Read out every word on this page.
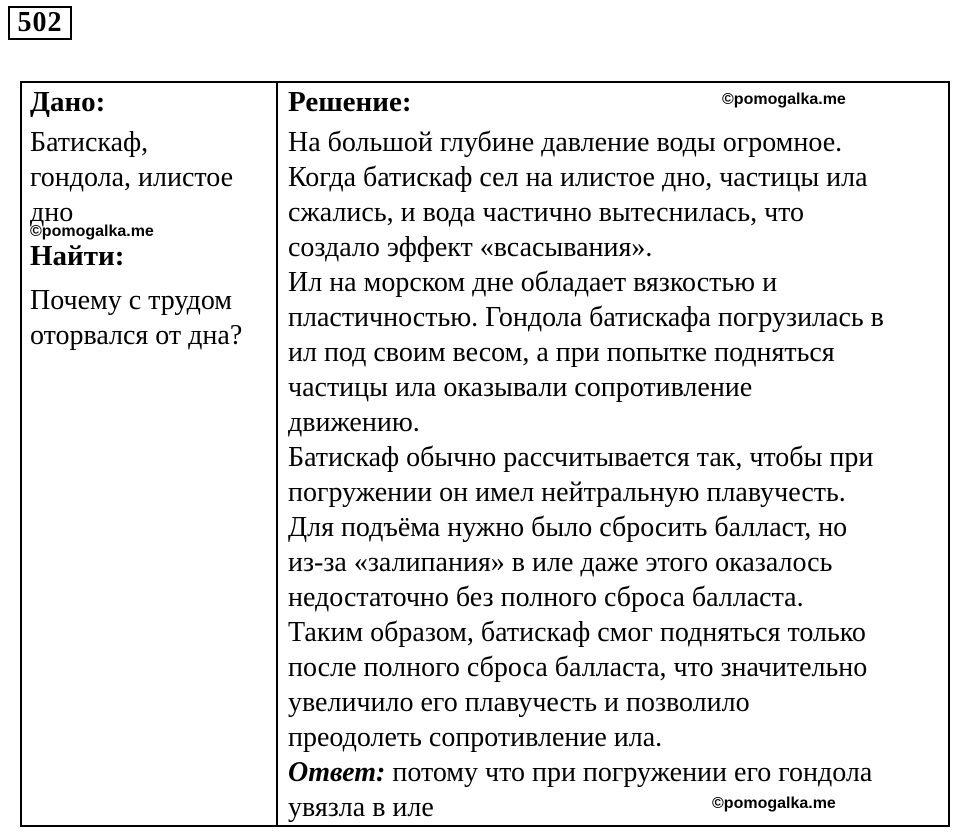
502

Дано:

Батискаф,

гондола, илистое

дно

Найти:

Почему с трудом

оторвался от дна?

Решение:

На большой глубине давление воды огромное.

Когда батискаф сел на илистое дно, частицы ила

сжались, и вода частично вытеснилась, что

создало эффект «всасывания».

Ил на морском дне обладает вязкостью и

пластичностью. Гондола батискафа погрузилась в

ил под своим весом, а при попытке подняться

частицы ила оказывали сопротивление

движению.

Батискаф обычно рассчитывается так, чтобы при

погружении он имел нейтральную плавучесть.

Для подъёма нужно было сбросить балласт, но

из-за «залипания» в иле даже этого оказалось

недостаточно без полного сброса балласта.

Таким образом, батискаф смог подняться только

после полного сброса балласта, что значительно

увеличило его плавучесть и позволило

преодолеть сопротивление ила.

Ответ: потому что при погружении его гондола

увязла в иле

©pomogalka.me
©pomogalka.me
©pomogalka.me
